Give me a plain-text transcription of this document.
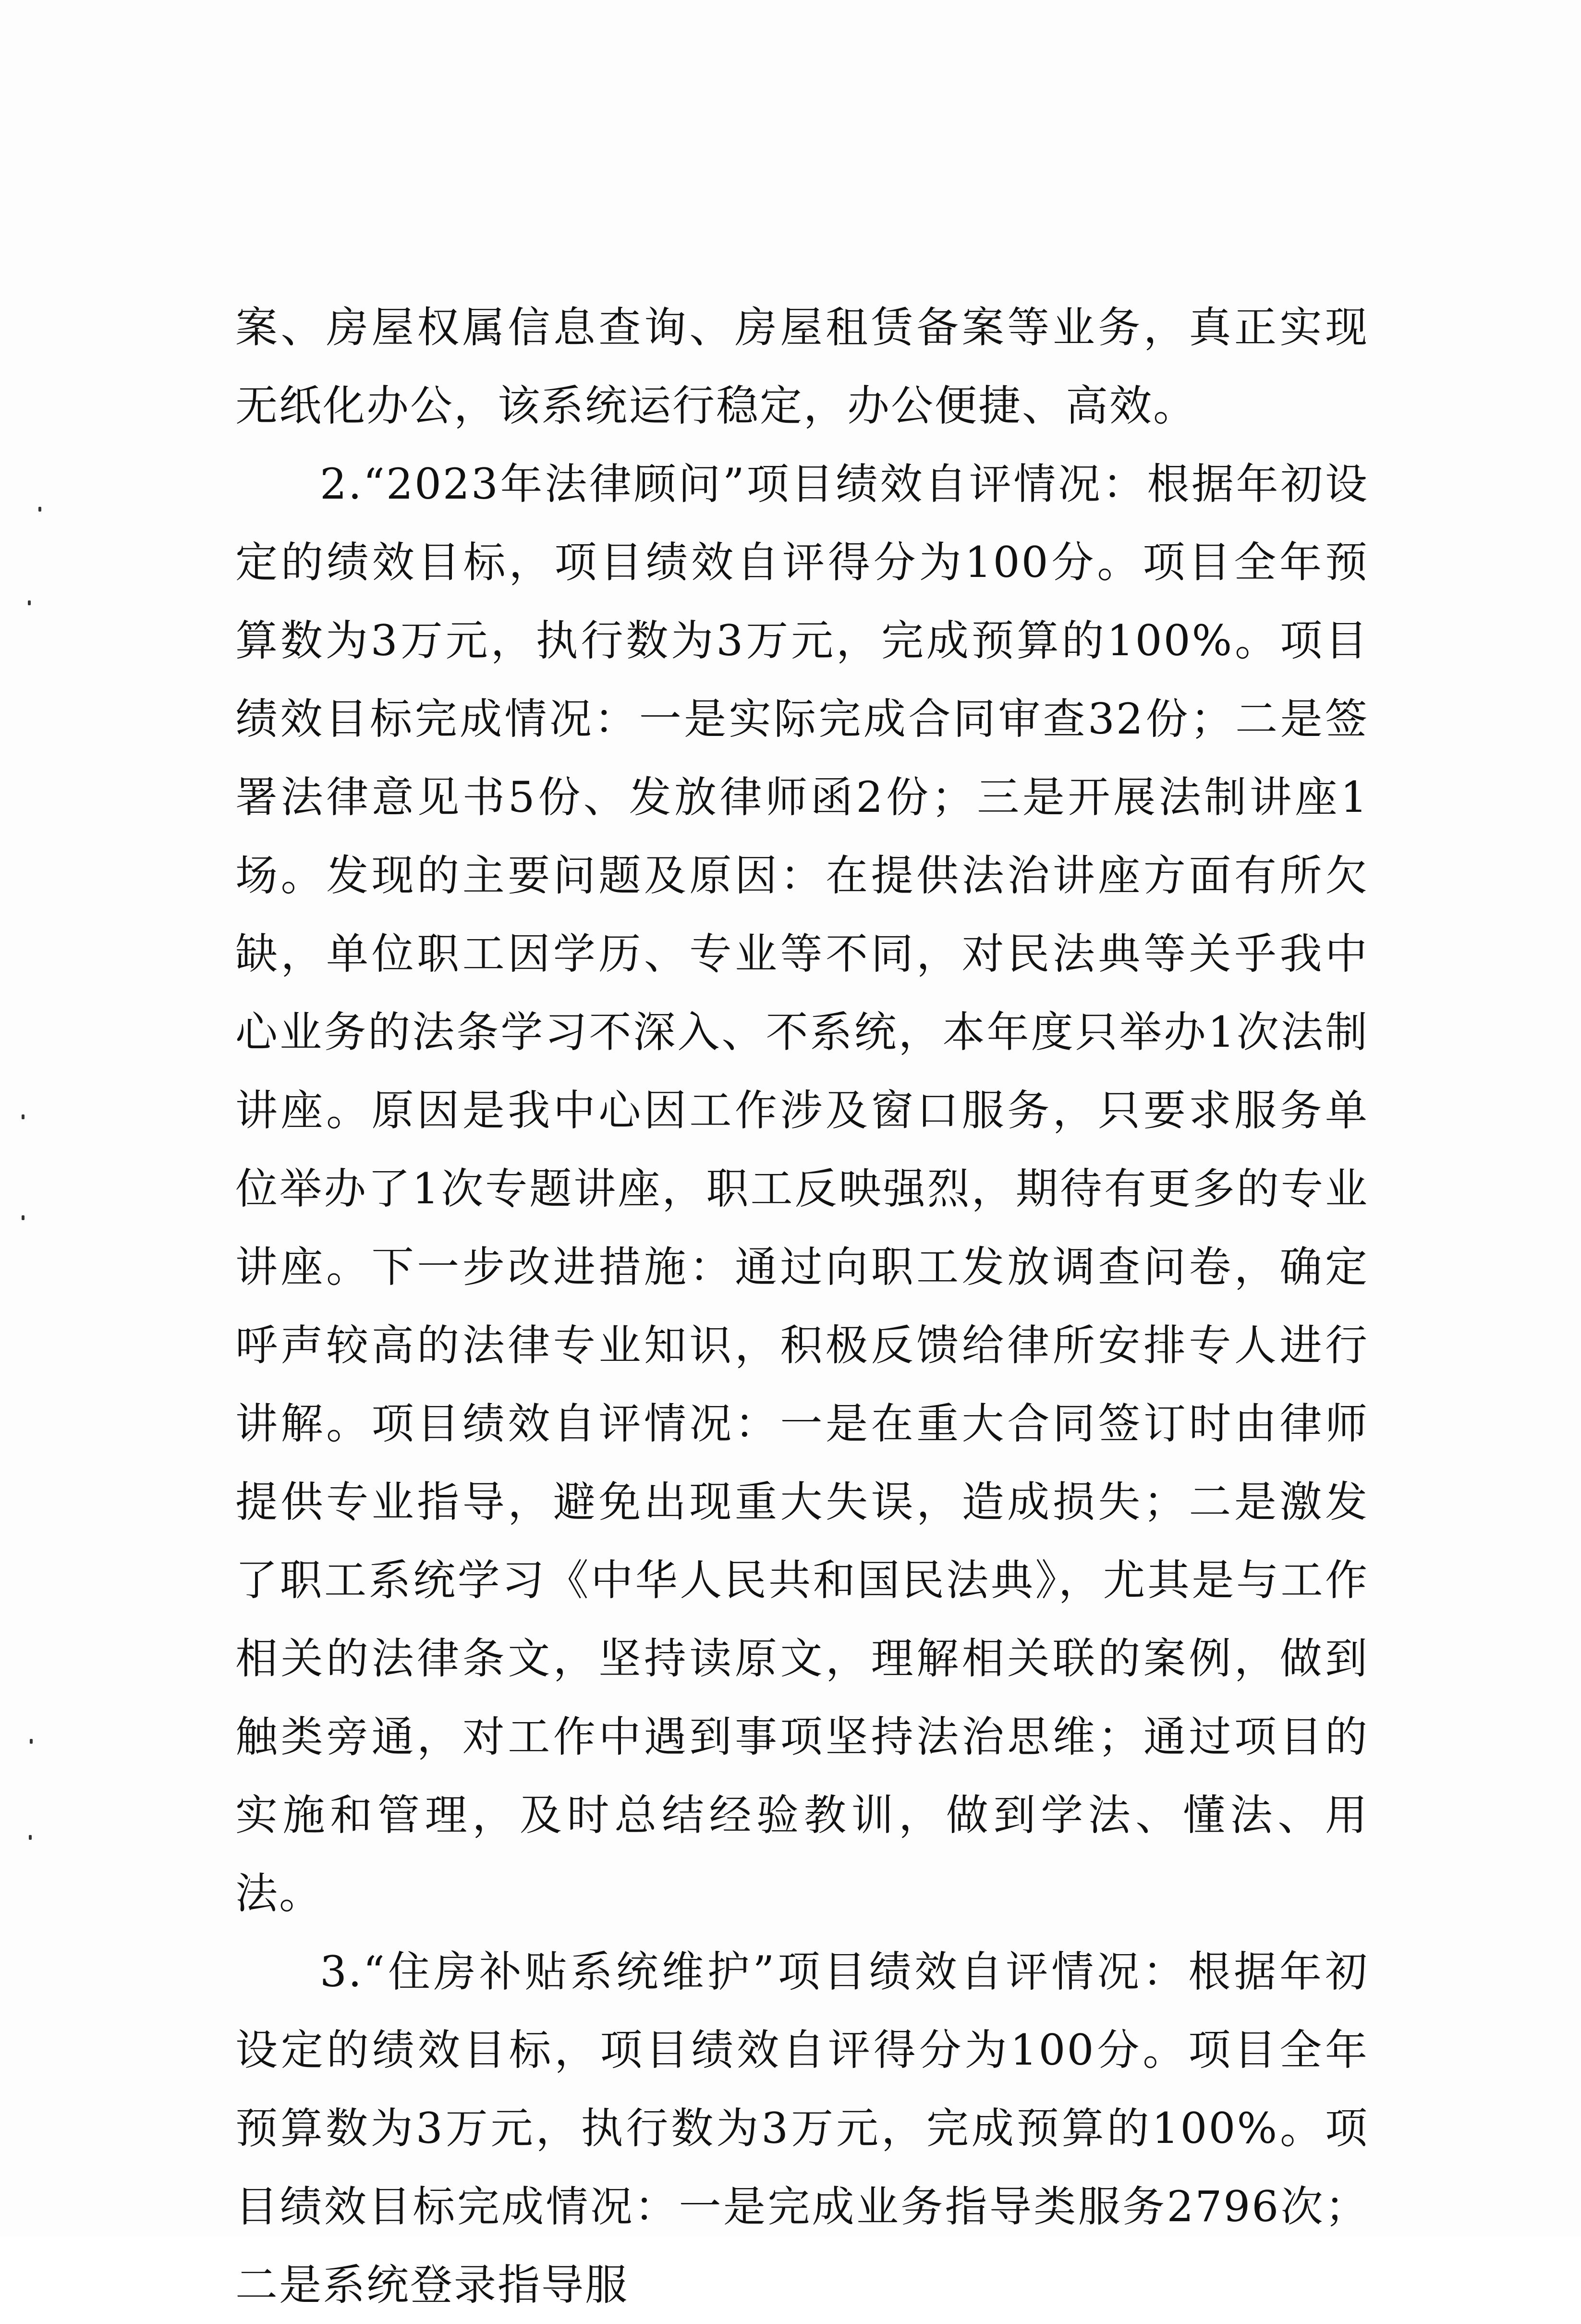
案、房屋权属信息查询、房屋租赁备案等业务，真正实现无纸化办公，该系统运行稳定，办公便捷、高效。

2.“2023年法律顾问”项目绩效自评情况：根据年初设定的绩效目标，项目绩效自评得分为100分。项目全年预算数为3万元，执行数为3万元，完成预算的100%。项目绩效目标完成情况：一是实际完成合同审查32份；二是签署法律意见书5份、发放律师函2份；三是开展法制讲座1场。发现的主要问题及原因：在提供法治讲座方面有所欠缺，单位职工因学历、专业等不同，对民法典等关乎我中心业务的法条学习不深入、不系统，本年度只举办1次法制讲座。原因是我中心因工作涉及窗口服务，只要求服务单位举办了1次专题讲座，职工反映强烈，期待有更多的专业讲座。下一步改进措施：通过向职工发放调查问卷，确定呼声较高的法律专业知识，积极反馈给律所安排专人进行讲解。项目绩效自评情况：一是在重大合同签订时由律师提供专业指导，避免出现重大失误，造成损失；二是激发了职工系统学习《中华人民共和国民法典》，尤其是与工作相关的法律条文，坚持读原文，理解相关联的案例，做到触类旁通，对工作中遇到事项坚持法治思维；通过项目的实施和管理，及时总结经验教训，做到学法、懂法、用法。

3.“住房补贴系统维护”项目绩效自评情况：根据年初设定的绩效目标，项目绩效自评得分为100分。项目全年预算数为3万元，执行数为3万元，完成预算的100%。项目绩效目标完成情况：一是完成业务指导类服务2796次；二是系统登录指导服
